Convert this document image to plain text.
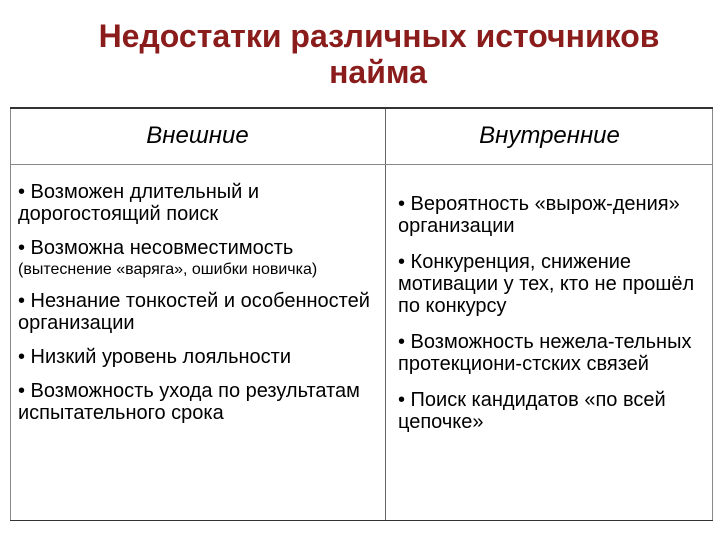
Недостатки различных источников
найма
Внешние	Внутренние
• Возможен длительный и дорогостоящий поиск
• Возможна несовместимость
(вытеснение «варяга», ошибки новичка)
• Незнание тонкостей и особенностей организации
• Низкий уровень лояльности
• Возможность ухода по результатам испытательного срока
• Вероятность «вырож-дения» организации
• Конкуренция, снижение мотивации у тех, кто не прошёл по конкурсу
• Возможность нежела-тельных протекциони-стских связей
• Поиск кандидатов «по всей цепочке»
